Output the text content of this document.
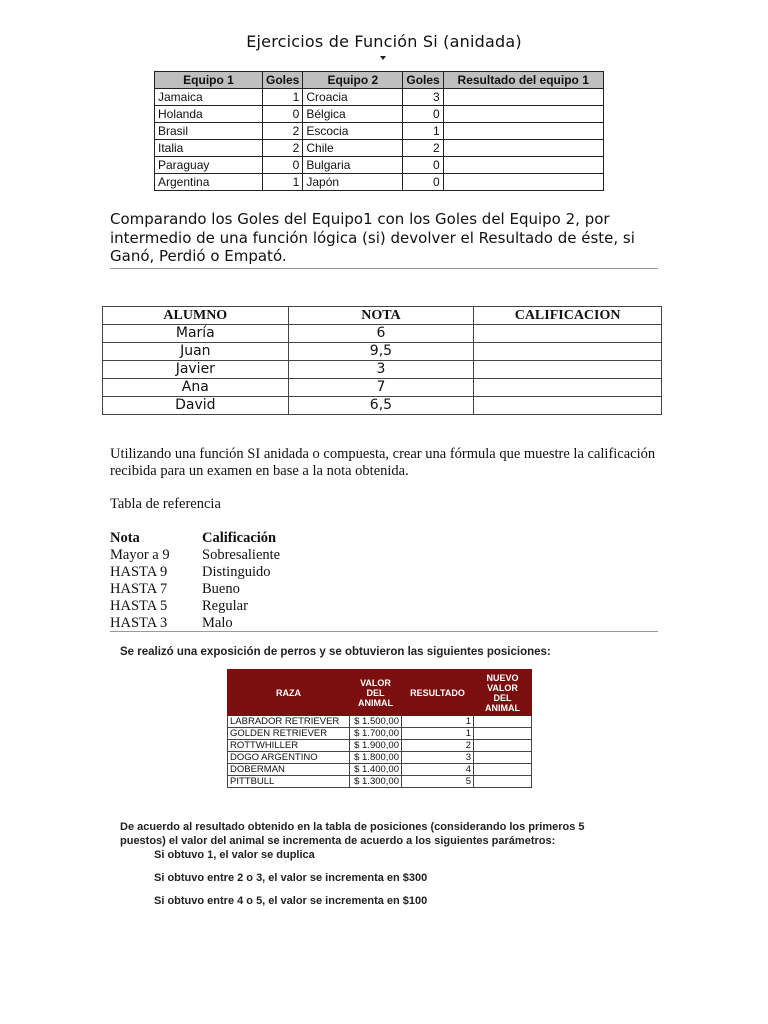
Ejercicios de Función Si (anidada)
Equipo 1	Goles	Equipo 2	Goles	Resultado del equipo 1
Jamaica	1	Croacia	3	
Holanda	0	Bélgica	0	
Brasil	2	Escocia	1	
Italia	2	Chile	2	
Paraguay	0	Bulgaria	0	
Argentina	1	Japón	0	
Comparando los Goles del Equipo1 con los Goles del Equipo 2, por intermedio de una función lógica (si) devolver el Resultado de éste, si Ganó, Perdió o Empató.
ALUMNO	NOTA	CALIFICACION
María	6	
Juan	9,5	
Javier	3	
Ana	7	
David	6,5	
Utilizando una función SI anidada o compuesta, crear una fórmula que muestre la calificación recibida para un examen en base a la nota obtenida.
Tabla de referencia
Nota	Calificación
Mayor a 9	Sobresaliente
HASTA 9	Distinguido
HASTA 7	Bueno
HASTA 5	Regular
HASTA 3	Malo
Se realizó una exposición de perros y se obtuvieron las siguientes posiciones:
RAZA	VALOR DEL ANIMAL	RESULTADO	NUEVO VALOR DEL ANIMAL
LABRADOR RETRIEVER	$ 1.500,00	1	
GOLDEN RETRIEVER	$ 1.700,00	1	
ROTTWHILLER	$ 1.900,00	2	
DOGO ARGENTINO	$ 1.800,00	3	
DOBERMAN	$ 1.400,00	4	
PITTBULL	$ 1.300,00	5	
De acuerdo al resultado obtenido en la tabla de posiciones (considerando los primeros 5 puestos) el valor del animal se incrementa de acuerdo a los siguientes parámetros:
Si obtuvo 1, el valor se duplica
Si obtuvo entre 2 o 3, el valor se incrementa en $300
Si obtuvo entre 4 o 5, el valor se incrementa en $100
